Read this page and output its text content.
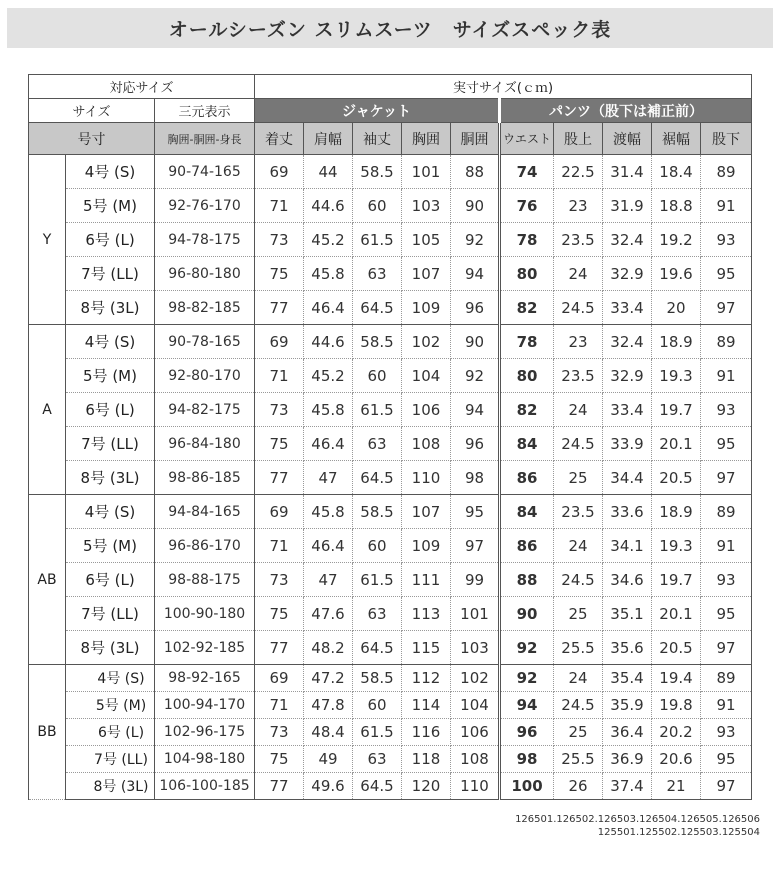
オールシーズン スリムスーツ　サイズスペック表
対応サイズ			実寸サイズ(ｃｍ)									
サイズ		三元表示	ジャケット					パンツ（股下は補正前）				
号寸		胸囲-胴囲-身長	着丈	肩幅	袖丈	胸囲	胴囲	ウエスト	股上	渡幅	裾幅	股下
Y	4号 (S)	90-74-165	69	44	58.5	101	88	74	22.5	31.4	18.4	89
	5号 (M)	92-76-170	71	44.6	60	103	90	76	23	31.9	18.8	91
	6号 (L)	94-78-175	73	45.2	61.5	105	92	78	23.5	32.4	19.2	93
	7号 (LL)	96-80-180	75	45.8	63	107	94	80	24	32.9	19.6	95
	8号 (3L)	98-82-185	77	46.4	64.5	109	96	82	24.5	33.4	20	97
A	4号 (S)	90-78-165	69	44.6	58.5	102	90	78	23	32.4	18.9	89
	5号 (M)	92-80-170	71	45.2	60	104	92	80	23.5	32.9	19.3	91
	6号 (L)	94-82-175	73	45.8	61.5	106	94	82	24	33.4	19.7	93
	7号 (LL)	96-84-180	75	46.4	63	108	96	84	24.5	33.9	20.1	95
	8号 (3L)	98-86-185	77	47	64.5	110	98	86	25	34.4	20.5	97
AB	4号 (S)	94-84-165	69	45.8	58.5	107	95	84	23.5	33.6	18.9	89
	5号 (M)	96-86-170	71	46.4	60	109	97	86	24	34.1	19.3	91
	6号 (L)	98-88-175	73	47	61.5	111	99	88	24.5	34.6	19.7	93
	7号 (LL)	100-90-180	75	47.6	63	113	101	90	25	35.1	20.1	95
	8号 (3L)	102-92-185	77	48.2	64.5	115	103	92	25.5	35.6	20.5	97
BB	4号 (S)	98-92-165	69	47.2	58.5	112	102	92	24	35.4	19.4	89
	5号 (M)	100-94-170	71	47.8	60	114	104	94	24.5	35.9	19.8	91
	6号 (L)	102-96-175	73	48.4	61.5	116	106	96	25	36.4	20.2	93
	7号 (LL)	104-98-180	75	49	63	118	108	98	25.5	36.9	20.6	95
	8号 (3L)	106-100-185	77	49.6	64.5	120	110	100	26	37.4	21	97
126501.126502.126503.126504.126505.126506
125501.125502.125503.125504
